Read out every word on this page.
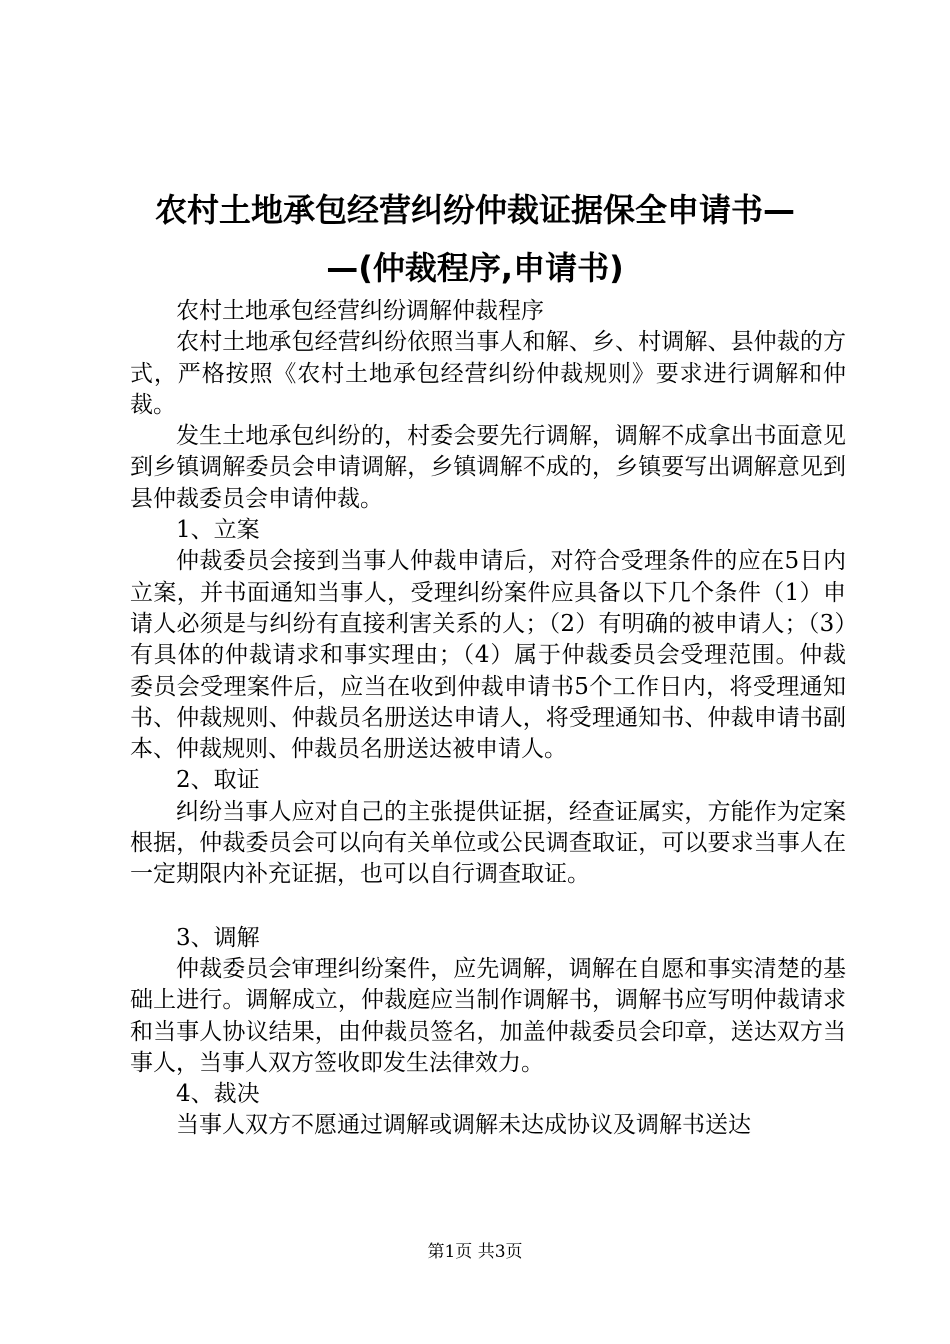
农村土地承包经营纠纷仲裁证据保全申请书—
—(仲裁程序,申请书)

农村土地承包经营纠纷调解仲裁程序

农村土地承包经营纠纷依照当事人和解、乡、村调解、县仲裁的方式，严格按照《农村土地承包经营纠纷仲裁规则》要求进行调解和仲裁。

发生土地承包纠纷的，村委会要先行调解，调解不成拿出书面意见到乡镇调解委员会申请调解，乡镇调解不成的，乡镇要写出调解意见到县仲裁委员会申请仲裁。

1、立案

仲裁委员会接到当事人仲裁申请后，对符合受理条件的应在5日内立案，并书面通知当事人，受理纠纷案件应具备以下几个条件（1）申请人必须是与纠纷有直接利害关系的人；（2）有明确的被申请人；（3）有具体的仲裁请求和事实理由；（4）属于仲裁委员会受理范围。仲裁委员会受理案件后，应当在收到仲裁申请书5个工作日内，将受理通知书、仲裁规则、仲裁员名册送达申请人，将受理通知书、仲裁申请书副本、仲裁规则、仲裁员名册送达被申请人。

2、取证

纠纷当事人应对自己的主张提供证据，经查证属实，方能作为定案根据，仲裁委员会可以向有关单位或公民调查取证，可以要求当事人在一定期限内补充证据，也可以自行调查取证。

3、调解

仲裁委员会审理纠纷案件，应先调解，调解在自愿和事实清楚的基础上进行。调解成立，仲裁庭应当制作调解书，调解书应写明仲裁请求和当事人协议结果，由仲裁员签名，加盖仲裁委员会印章，送达双方当事人，当事人双方签收即发生法律效力。

4、裁决

当事人双方不愿通过调解或调解未达成协议及调解书送达

第1页 共3页
